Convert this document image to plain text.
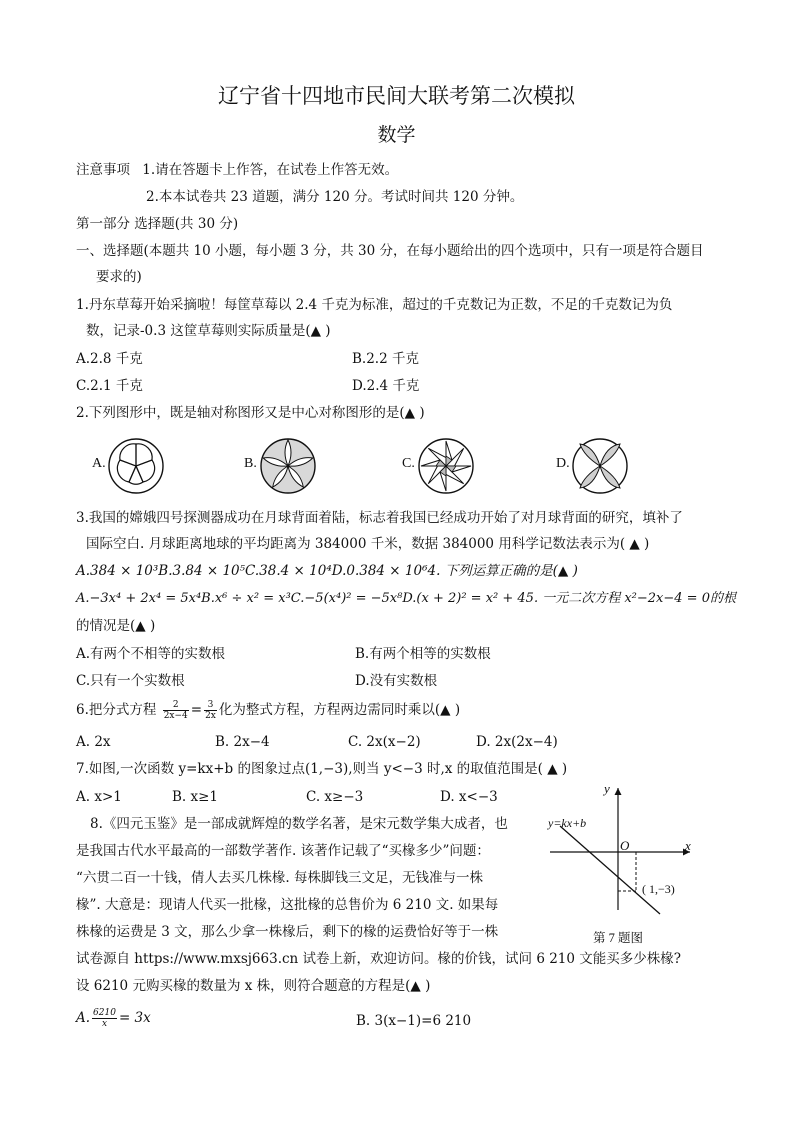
辽宁省十四地市民间大联考第二次模拟
数学
注意事项 1.请在答题卡上作答，在试卷上作答无效。
2.本本试卷共 23 道题，满分 120 分。考试时间共 120 分钟。
第一部分 选择题(共 30 分)
一、选择题(本题共 10 小题，每小题 3 分，共 30 分，在每小题给出的四个选项中，只有一项是符合题目
要求的)
1.丹东草莓开始采摘啦！每筐草莓以 2.4 千克为标准，超过的千克数记为正数，不足的千克数记为负
数，记录-0.3 这筐草莓则实际质量是(▲ )
A.2.8 千克	B.2.2 千克
C.2.1 千克	D.2.4 千克
2.下列图形中，既是轴对称图形又是中心对称图形的是(▲ )
A.	B.	C.	D.
3.我国的嫦娥四号探测器成功在月球背面着陆，标志着我国已经成功开始了对月球背面的研究，填补了
国际空白. 月球距离地球的平均距离为 384000 千米，数据 384000 用科学记数法表示为( ▲ )
A.384 × 10³B.3.84 × 10⁵C.38.4 × 10⁴D.0.384 × 10⁶4. 下列运算正确的是(▲ )
A.−3x⁴ + 2x⁴ = 5x⁴B.x⁶ ÷ x² = x³C.−5(x⁴)² = −5x⁸D.(x + 2)² = x² + 45. 一元二次方程 x²−2x−4 = 0的根
的情况是(▲ )
A.有两个不相等的实数根	B.有两个相等的实数根
C.只有一个实数根	D.没有实数根
6.把分式方程 $\frac{2}{2x-4} = \frac{3}{2x}$ 化为整式方程，方程两边需同时乘以(▲ )
A. 2x	B. 2x−4	C. 2x(x−2)	D. 2x(2x−4)
7.如图,一次函数 y=kx+b 的图象过点(1,−3),则当 y<−3 时,x 的取值范围是( ▲ )
A. x>1	B. x≥1	C. x≥−3	D. x<−3
8.《四元玉鉴》是一部成就辉煌的数学名著，是宋元数学集大成者，也
是我国古代水平最高的一部数学著作. 该著作记载了“买椽多少”问题：
“六贯二百一十钱，倩人去买几株椽. 每株脚钱三文足，无钱准与一株
椽”. 大意是：现请人代买一批椽，这批椽的总售价为 6 210 文. 如果每
株椽的运费是 3 文，那么少拿一株椽后，剩下的椽的运费恰好等于一株
试卷源自 https://www.mxsj663.cn 试卷上新，欢迎访问。椽的价钱，试问 6 210 文能买多少株椽?
设 6210 元购买椽的数量为 x 株，则符合题意的方程是(▲ )
A. $\frac{6210}{x} = 3x$	B. 3(x−1)=6 210
y
x
O
y=kx+b
( 1,−3)
第 7 题图
